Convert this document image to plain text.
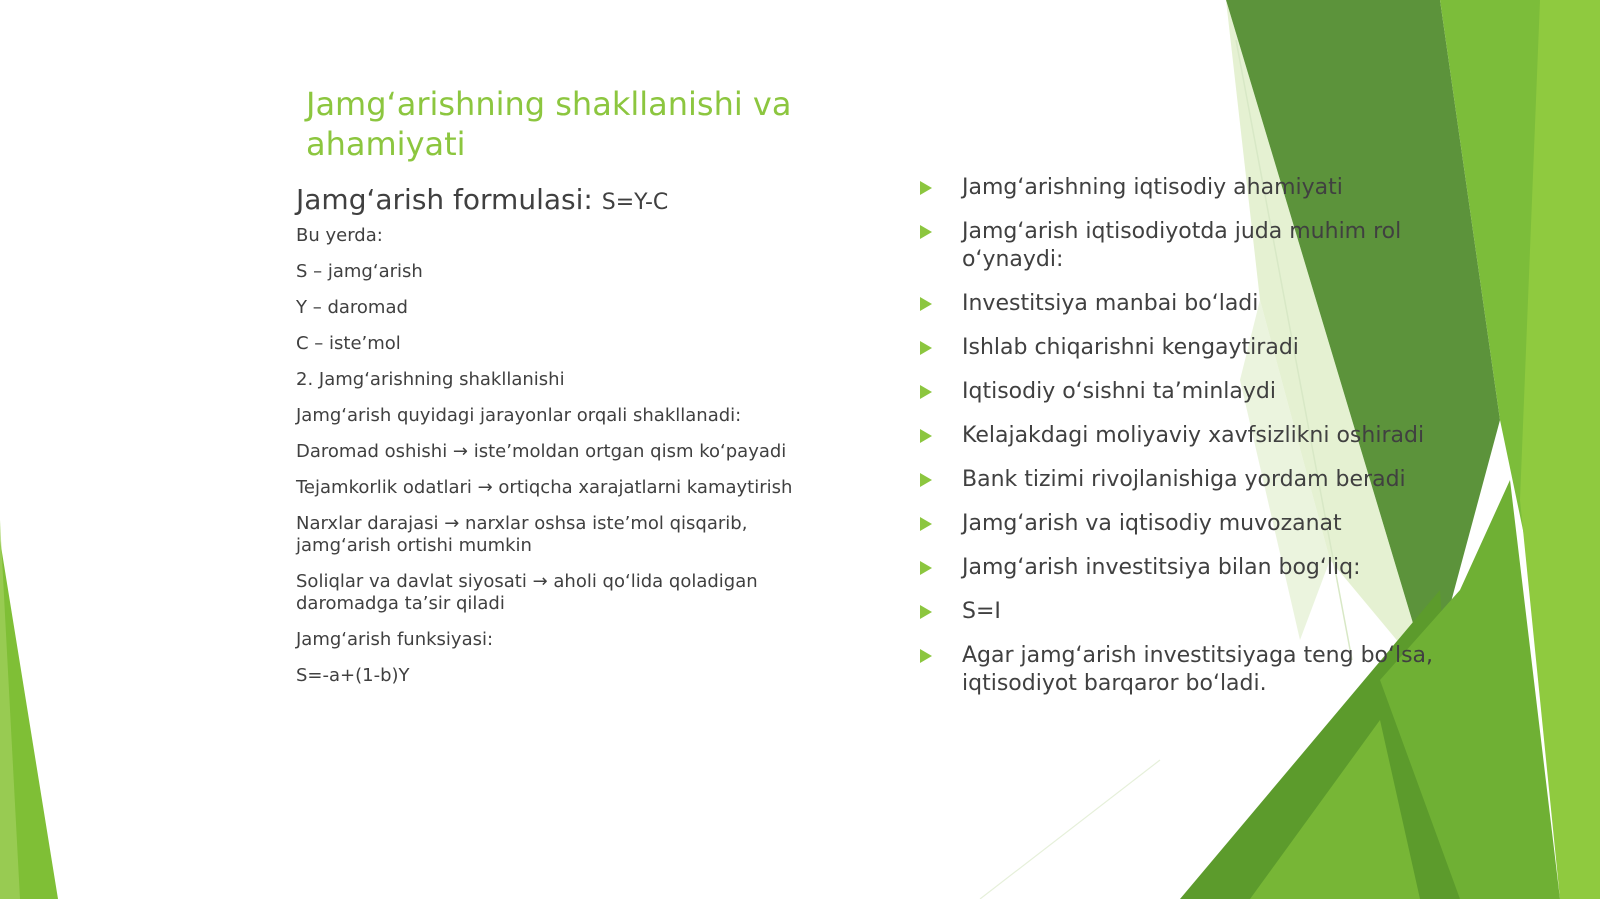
Jamg‘arishning shakllanishi va
ahamiyati
Jamg‘arish formulasi: S=Y-C
Bu yerda:
S – jamg‘arish
Y – daromad
C – iste’mol
2. Jamg‘arishning shakllanishi
Jamg‘arish quyidagi jarayonlar orqali shakllanadi:
Daromad oshishi → iste’moldan ortgan qism ko‘payadi
Tejamkorlik odatlari → ortiqcha xarajatlarni kamaytirish
Narxlar darajasi → narxlar oshsa iste’mol qisqarib, jamg‘arish ortishi mumkin
Soliqlar va davlat siyosati → aholi qo‘lida qoladigan daromadga ta’sir qiladi
Jamg‘arish funksiyasi:
S=-a+(1-b)Y
Jamg‘arishning iqtisodiy ahamiyati
Jamg‘arish iqtisodiyotda juda muhim rol o‘ynaydi:
Investitsiya manbai bo‘ladi
Ishlab chiqarishni kengaytiradi
Iqtisodiy o‘sishni ta’minlaydi
Kelajakdagi moliyaviy xavfsizlikni oshiradi
Bank tizimi rivojlanishiga yordam beradi
Jamg‘arish va iqtisodiy muvozanat
Jamg‘arish investitsiya bilan bog‘liq:
S=I
Agar jamg‘arish investitsiyaga teng bo‘lsa, iqtisodiyot barqaror bo‘ladi.
